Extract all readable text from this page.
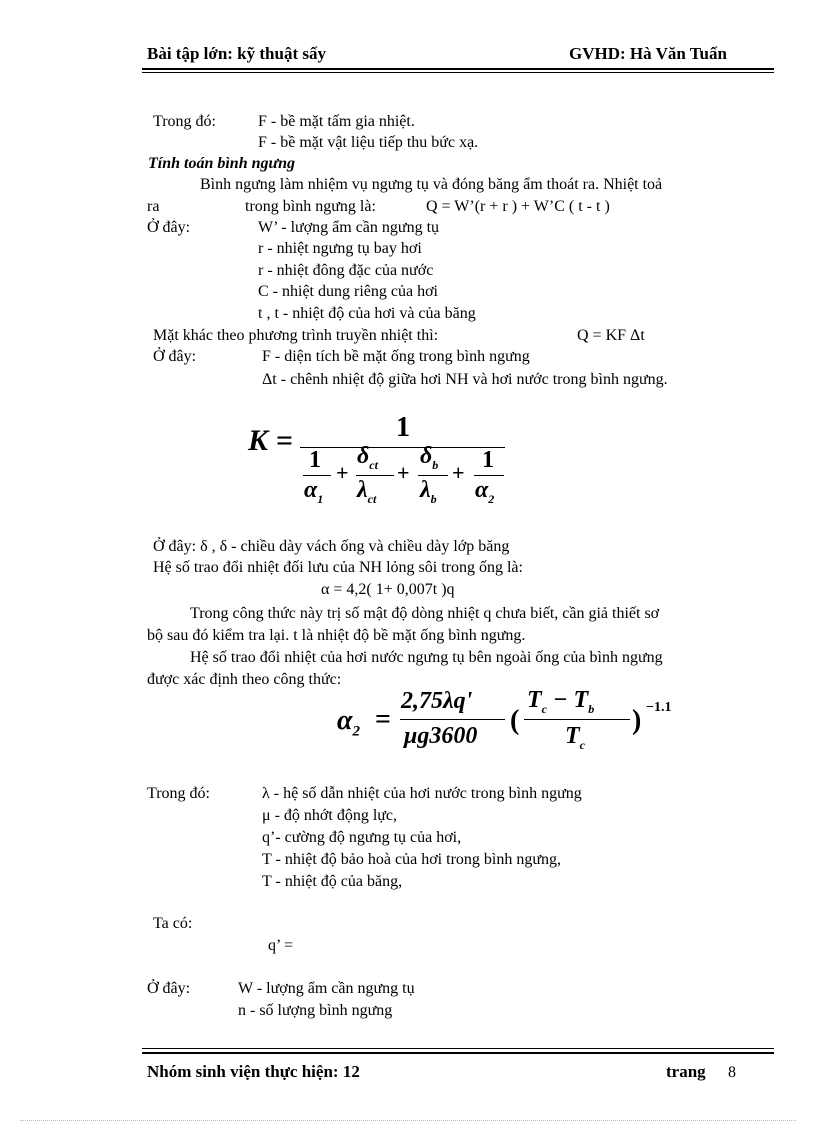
Bài tập lớn: kỹ thuật sấy	GVHD: Hà Văn Tuấn
Trong đó:	F - bề mặt tấm gia nhiệt.
F - bề mặt vật liệu tiếp thu bức xạ.
Tính toán bình ngưng
Bình ngưng làm nhiệm vụ ngưng tụ và đóng băng ẩm thoát ra. Nhiệt toả
ra	trong bình ngưng là:	Q = W’(r + r ) + W’C ( t - t )
Ở đây:	W’ - lượng ẩm cần ngưng tụ
r - nhiệt ngưng tụ bay hơi
r - nhiệt đông đặc của nước
C - nhiệt dung riêng của hơi
t , t - nhiệt độ của hơi và của băng
Mặt khác theo phương trình truyền nhiệt thì:	Q = KF Δt
Ở đây:	F - diện tích bề mặt ống trong bình ngưng
Δt - chênh nhiệt độ giữa hơi NH và hơi nước trong bình ngưng.
K =	1
1
$\alpha_1$
+
$\delta_{ct}$
$\lambda_{ct}$
+
$\delta_b$
$\lambda_b$
+ 1
$\alpha_2$
Ở đây: δ , δ - chiều dày vách ống và chiều dày lớp băng
Hệ số trao đổi nhiệt đối lưu của NH lỏng sôi trong ống là:
α = 4,2( 1+ 0,007t )q
Trong công thức này trị số mật độ dòng nhiệt q chưa biết, cần giả thiết sơ
bộ sau đó kiểm tra lại. t là nhiệt độ bề mặt ống bình ngưng.
Hệ số trao đổi nhiệt của hơi nước ngưng tụ bên ngoài ống của bình ngưng
được xác định theo công thức:
$\alpha_2$ =
2,75λq'
μg3600 (
$T_c - T_b$
$T_c$
) −1.1
Trong đó:	λ - hệ số dẫn nhiệt của hơi nước trong bình ngưng
μ - độ nhớt động lực,
q’- cường độ ngưng tụ của hơi,
T - nhiệt độ bảo hoà của hơi trong bình ngưng,
T - nhiệt độ của băng,
Ta có:
q’ =
Ở đây:	W - lượng ẩm cần ngưng tụ
n - số lượng bình ngưng
Nhóm sinh viện thực hiện: 12	trang 8
